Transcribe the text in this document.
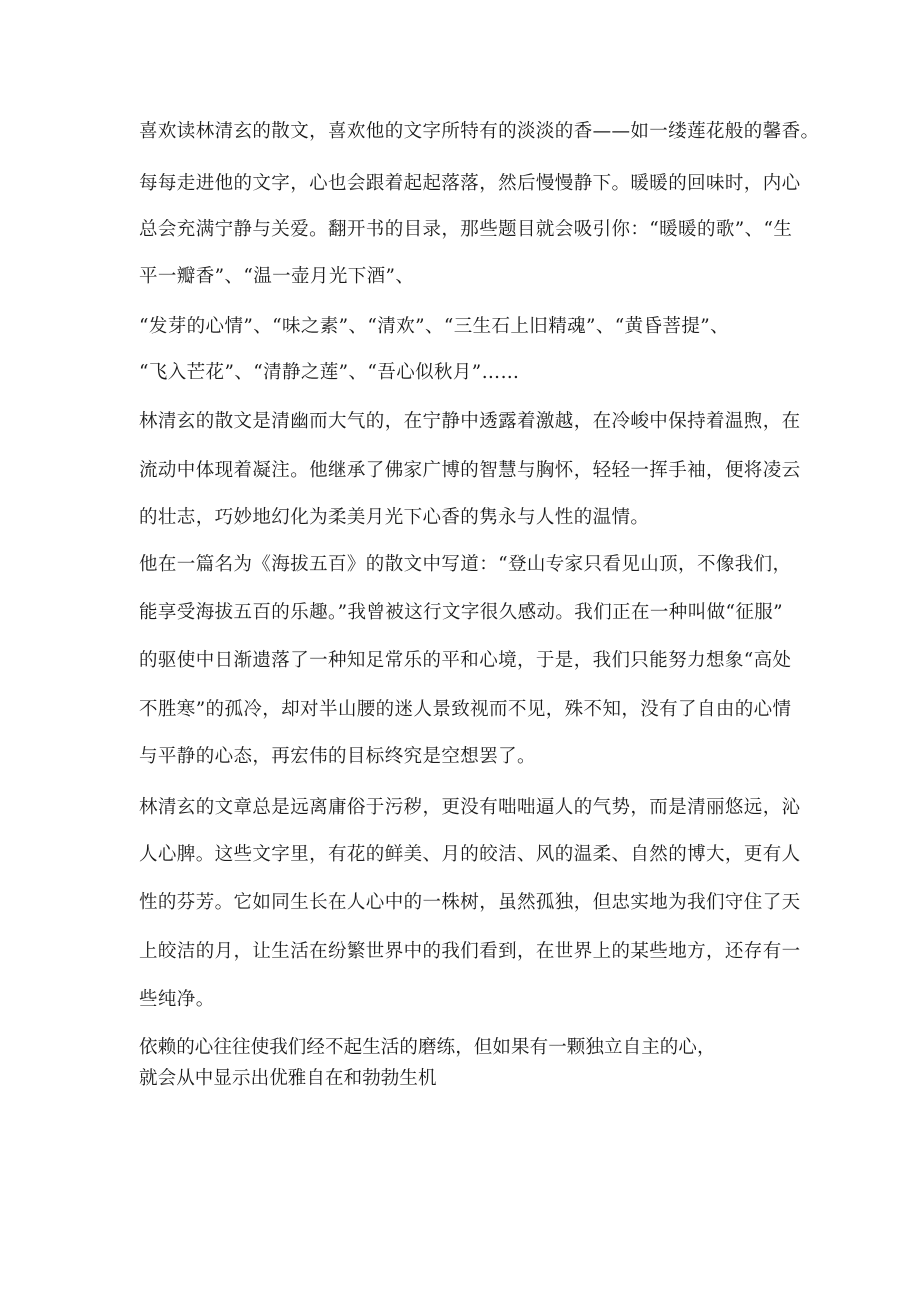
喜欢读林清玄的散文，喜欢他的文字所特有的淡淡的香——如一缕莲花般的馨香。
每每走进他的文字，心也会跟着起起落落，然后慢慢静下。暖暖的回味时，内心
总会充满宁静与关爱。翻开书的目录，那些题目就会吸引你：“暖暖的歌”、“生
平一瓣香”、“温一壶月光下酒”、
“发芽的心情”、“味之素”、“清欢”、“三生石上旧精魂”、“黄昏菩提”、
“飞入芒花”、“清静之莲”、“吾心似秋月”……
林清玄的散文是清幽而大气的，在宁静中透露着激越，在冷峻中保持着温煦，在
流动中体现着凝注。他继承了佛家广博的智慧与胸怀，轻轻一挥手袖，便将凌云
的壮志，巧妙地幻化为柔美月光下心香的隽永与人性的温情。
他在一篇名为《海拔五百》的散文中写道：“登山专家只看见山顶，不像我们，
能享受海拔五百的乐趣。”我曾被这行文字很久感动。我们正在一种叫做“征服”
的驱使中日渐遗落了一种知足常乐的平和心境，于是，我们只能努力想象“高处
不胜寒”的孤冷，却对半山腰的迷人景致视而不见，殊不知，没有了自由的心情
与平静的心态，再宏伟的目标终究是空想罢了。
林清玄的文章总是远离庸俗于污秽，更没有咄咄逼人的气势，而是清丽悠远，沁
人心脾。这些文字里，有花的鲜美、月的皎洁、风的温柔、自然的博大，更有人
性的芬芳。它如同生长在人心中的一株树，虽然孤独，但忠实地为我们守住了天
上皎洁的月，让生活在纷繁世界中的我们看到，在世界上的某些地方，还存有一
些纯净。
依赖的心往往使我们经不起生活的磨练，但如果有一颗独立自主的心，
就会从中显示出优雅自在和勃勃生机
